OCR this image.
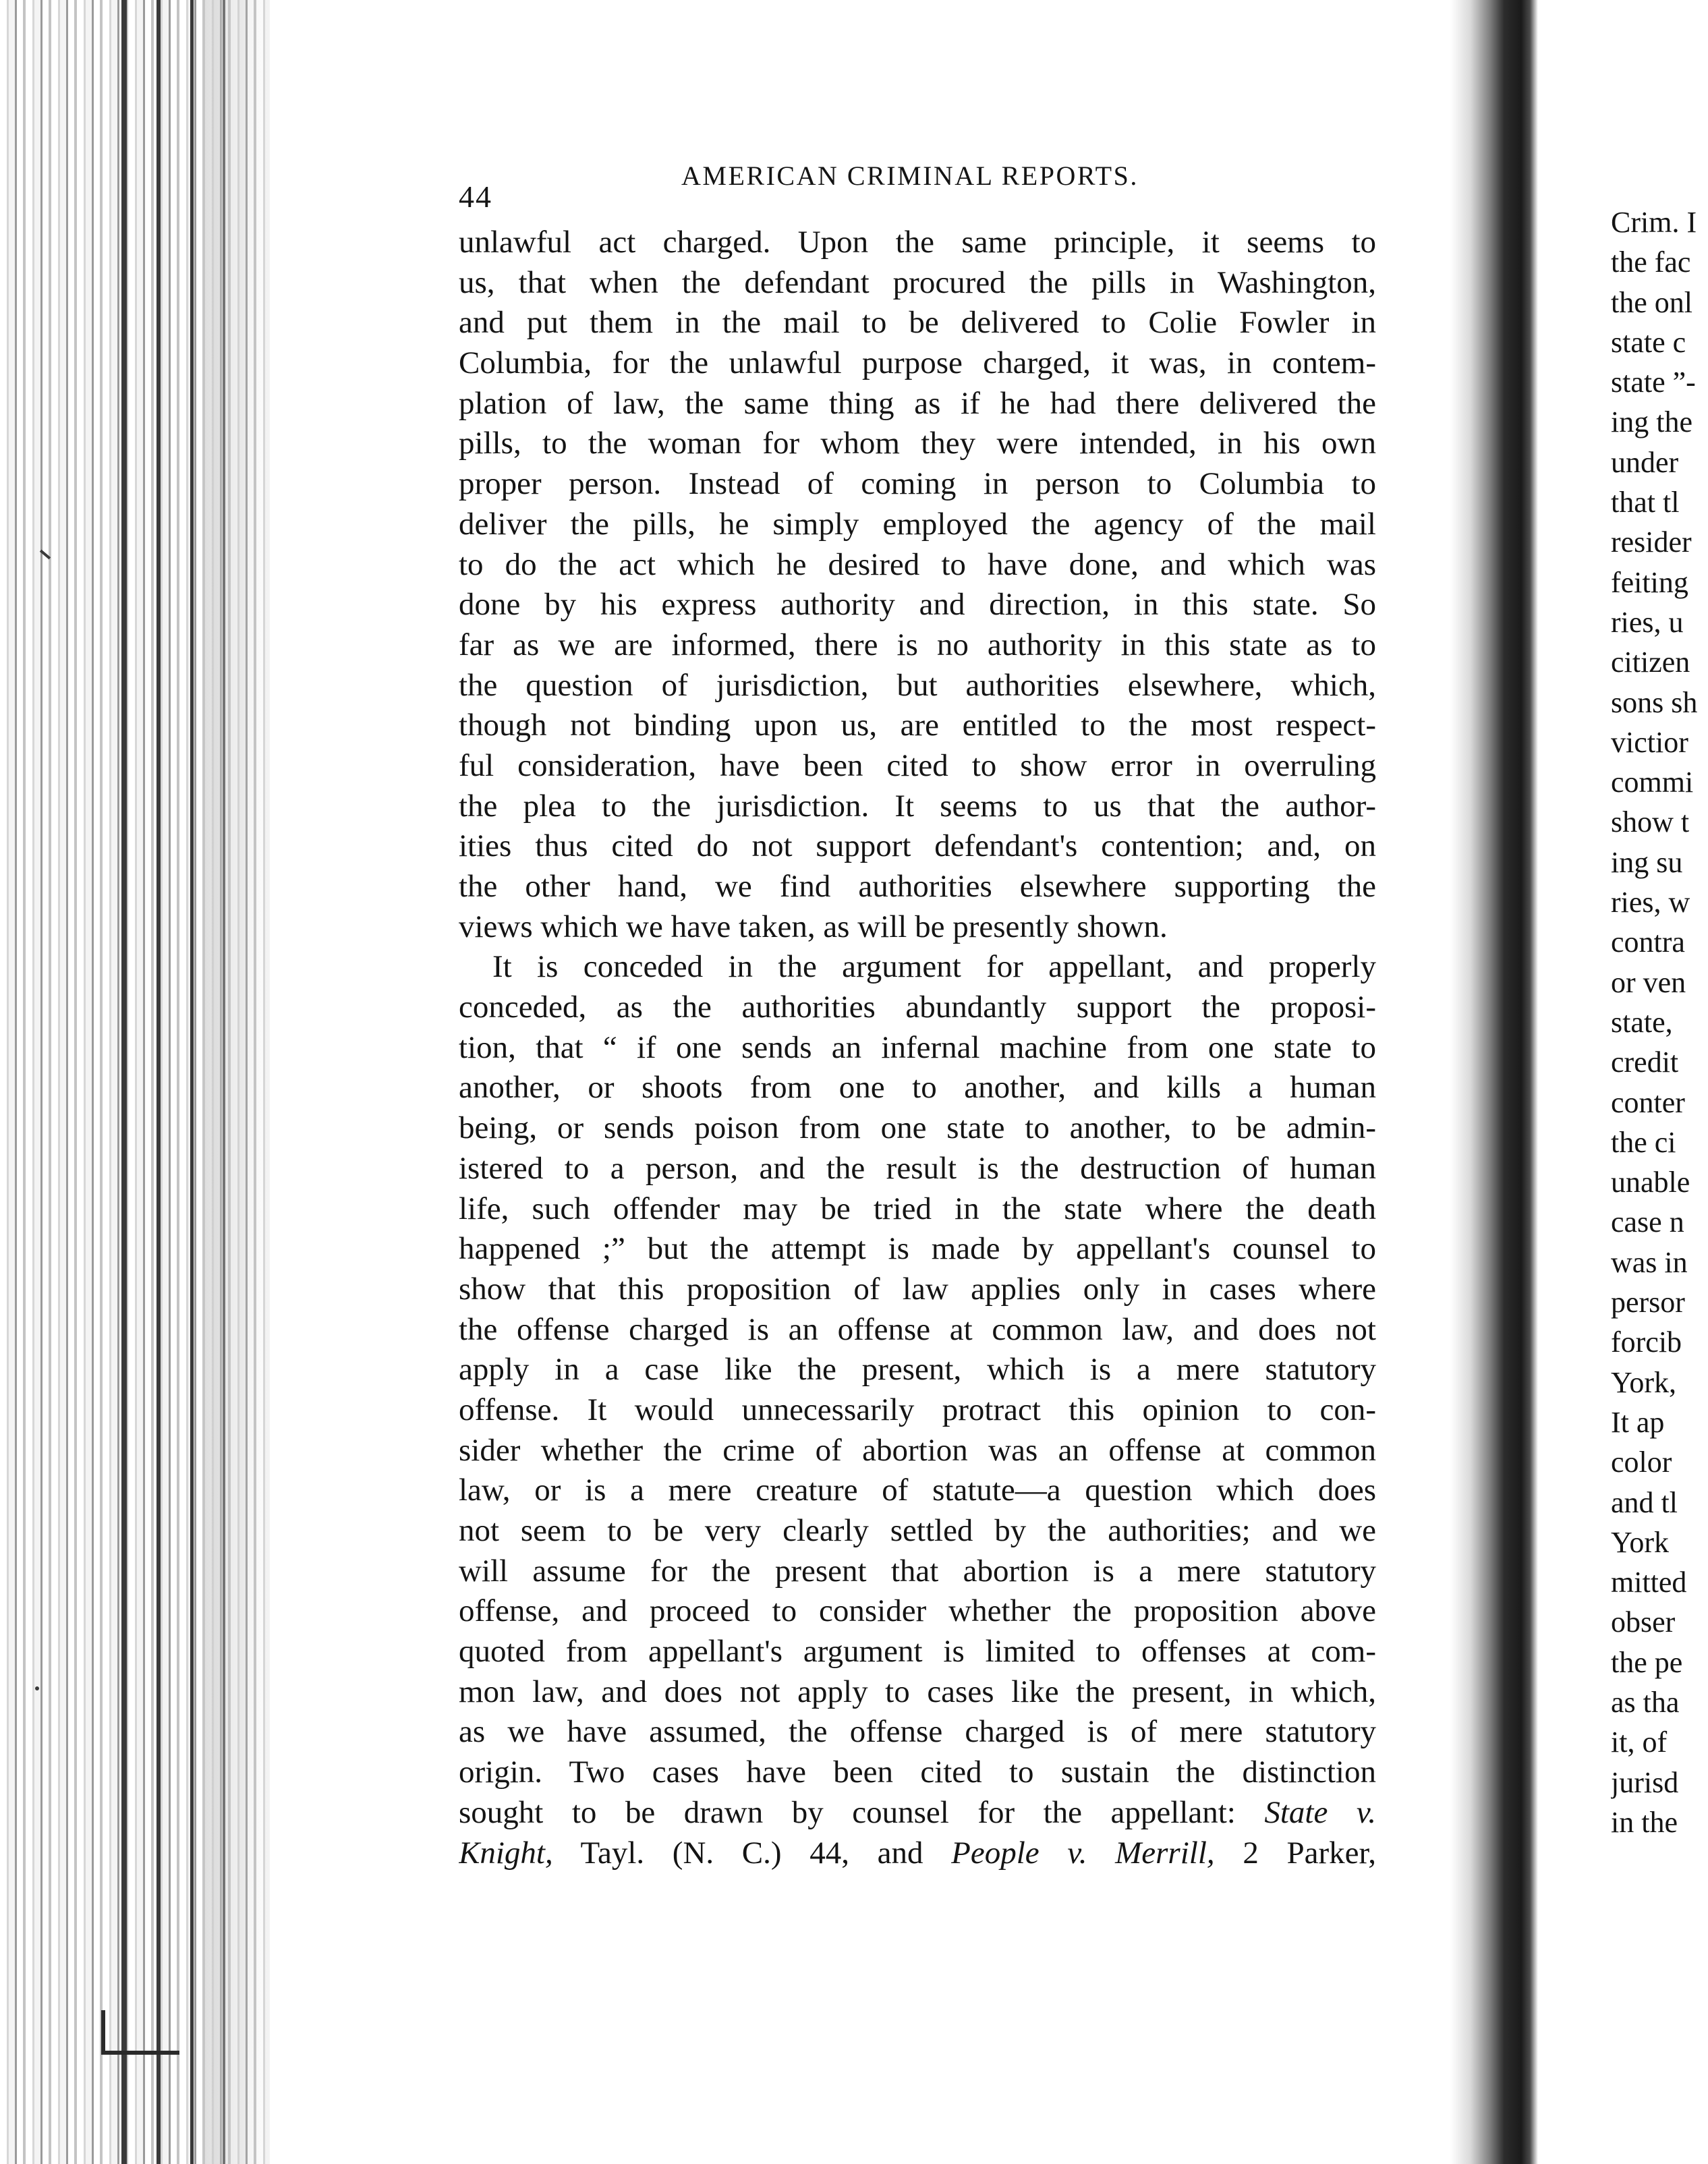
44
AMERICAN CRIMINAL REPORTS.
unlawful act charged. Upon the same principle, it seems to
us, that when the defendant procured the pills in Washington,
and put them in the mail to be delivered to Colie Fowler in
Columbia, for the unlawful purpose charged, it was, in contem-
plation of law, the same thing as if he had there delivered the
pills, to the woman for whom they were intended, in his own
proper person. Instead of coming in person to Columbia to
deliver the pills, he simply employed the agency of the mail
to do the act which he desired to have done, and which was
done by his express authority and direction, in this state. So
far as we are informed, there is no authority in this state as to
the question of jurisdiction, but authorities elsewhere, which,
though not binding upon us, are entitled to the most respect-
ful consideration, have been cited to show error in overruling
the plea to the jurisdiction. It seems to us that the author-
ities thus cited do not support defendant's contention; and, on
the other hand, we find authorities elsewhere supporting the
views which we have taken, as will be presently shown.
It is conceded in the argument for appellant, and properly
conceded, as the authorities abundantly support the proposi-
tion, that “ if one sends an infernal machine from one state to
another, or shoots from one to another, and kills a human
being, or sends poison from one state to another, to be admin-
istered to a person, and the result is the destruction of human
life, such offender may be tried in the state where the death
happened ;” but the attempt is made by appellant's counsel to
show that this proposition of law applies only in cases where
the offense charged is an offense at common law, and does not
apply in a case like the present, which is a mere statutory
offense. It would unnecessarily protract this opinion to con-
sider whether the crime of abortion was an offense at common
law, or is a mere creature of statute—a question which does
not seem to be very clearly settled by the authorities; and we
will assume for the present that abortion is a mere statutory
offense, and proceed to consider whether the proposition above
quoted from appellant's argument is limited to offenses at com-
mon law, and does not apply to cases like the present, in which,
as we have assumed, the offense charged is of mere statutory
origin. Two cases have been cited to sustain the distinction
sought to be drawn by counsel for the appellant: State v.
Knight, Tayl. (N. C.) 44, and People v. Merrill, 2 Parker,
Crim. I
the fac
the onl
state c
state ”-
ing the
under
that tl
resider
feiting
ries, u
citizen
sons sh
victior
commi
show t
ing su
ries, w
contra
or ven
state,
credit
conter
the ci
unable
case n
was in
persor
forcib
York,
It ap
color
and tl
York
mitted
obser
the pe
as tha
it, of
jurisd
in the
